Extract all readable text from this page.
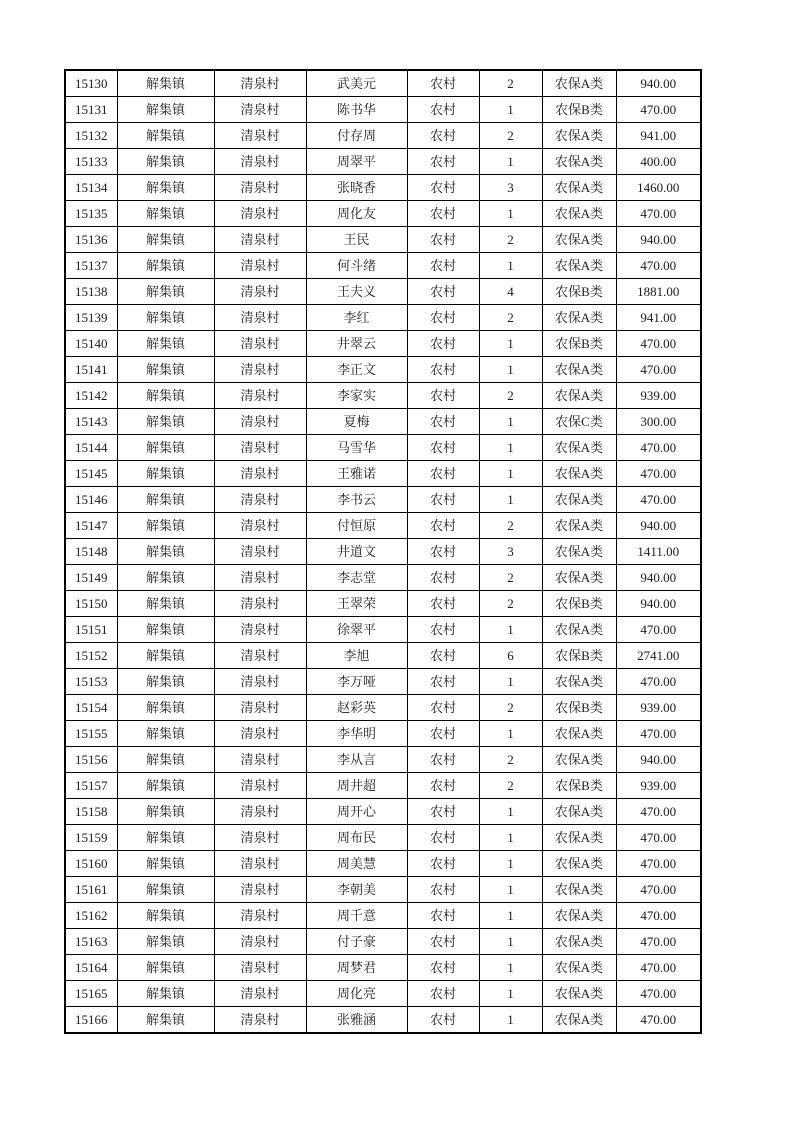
15130	解集镇	清泉村	武美元	农村	2	农保A类	940.00
15131	解集镇	清泉村	陈书华	农村	1	农保B类	470.00
15132	解集镇	清泉村	付存周	农村	2	农保A类	941.00
15133	解集镇	清泉村	周翠平	农村	1	农保A类	400.00
15134	解集镇	清泉村	张晓香	农村	3	农保A类	1460.00
15135	解集镇	清泉村	周化友	农村	1	农保A类	470.00
15136	解集镇	清泉村	王民	农村	2	农保A类	940.00
15137	解集镇	清泉村	何斗绪	农村	1	农保A类	470.00
15138	解集镇	清泉村	王夫义	农村	4	农保B类	1881.00
15139	解集镇	清泉村	李红	农村	2	农保A类	941.00
15140	解集镇	清泉村	井翠云	农村	1	农保B类	470.00
15141	解集镇	清泉村	李正文	农村	1	农保A类	470.00
15142	解集镇	清泉村	李家实	农村	2	农保A类	939.00
15143	解集镇	清泉村	夏梅	农村	1	农保C类	300.00
15144	解集镇	清泉村	马雪华	农村	1	农保A类	470.00
15145	解集镇	清泉村	王雅诺	农村	1	农保A类	470.00
15146	解集镇	清泉村	李书云	农村	1	农保A类	470.00
15147	解集镇	清泉村	付恒原	农村	2	农保A类	940.00
15148	解集镇	清泉村	井道文	农村	3	农保A类	1411.00
15149	解集镇	清泉村	李志堂	农村	2	农保A类	940.00
15150	解集镇	清泉村	王翠荣	农村	2	农保B类	940.00
15151	解集镇	清泉村	徐翠平	农村	1	农保A类	470.00
15152	解集镇	清泉村	李旭	农村	6	农保B类	2741.00
15153	解集镇	清泉村	李万哑	农村	1	农保A类	470.00
15154	解集镇	清泉村	赵彩英	农村	2	农保B类	939.00
15155	解集镇	清泉村	李华明	农村	1	农保A类	470.00
15156	解集镇	清泉村	李从言	农村	2	农保A类	940.00
15157	解集镇	清泉村	周井超	农村	2	农保B类	939.00
15158	解集镇	清泉村	周开心	农村	1	农保A类	470.00
15159	解集镇	清泉村	周布民	农村	1	农保A类	470.00
15160	解集镇	清泉村	周美慧	农村	1	农保A类	470.00
15161	解集镇	清泉村	李朝美	农村	1	农保A类	470.00
15162	解集镇	清泉村	周千意	农村	1	农保A类	470.00
15163	解集镇	清泉村	付子豪	农村	1	农保A类	470.00
15164	解集镇	清泉村	周梦君	农村	1	农保A类	470.00
15165	解集镇	清泉村	周化亮	农村	1	农保A类	470.00
15166	解集镇	清泉村	张雅涵	农村	1	农保A类	470.00
